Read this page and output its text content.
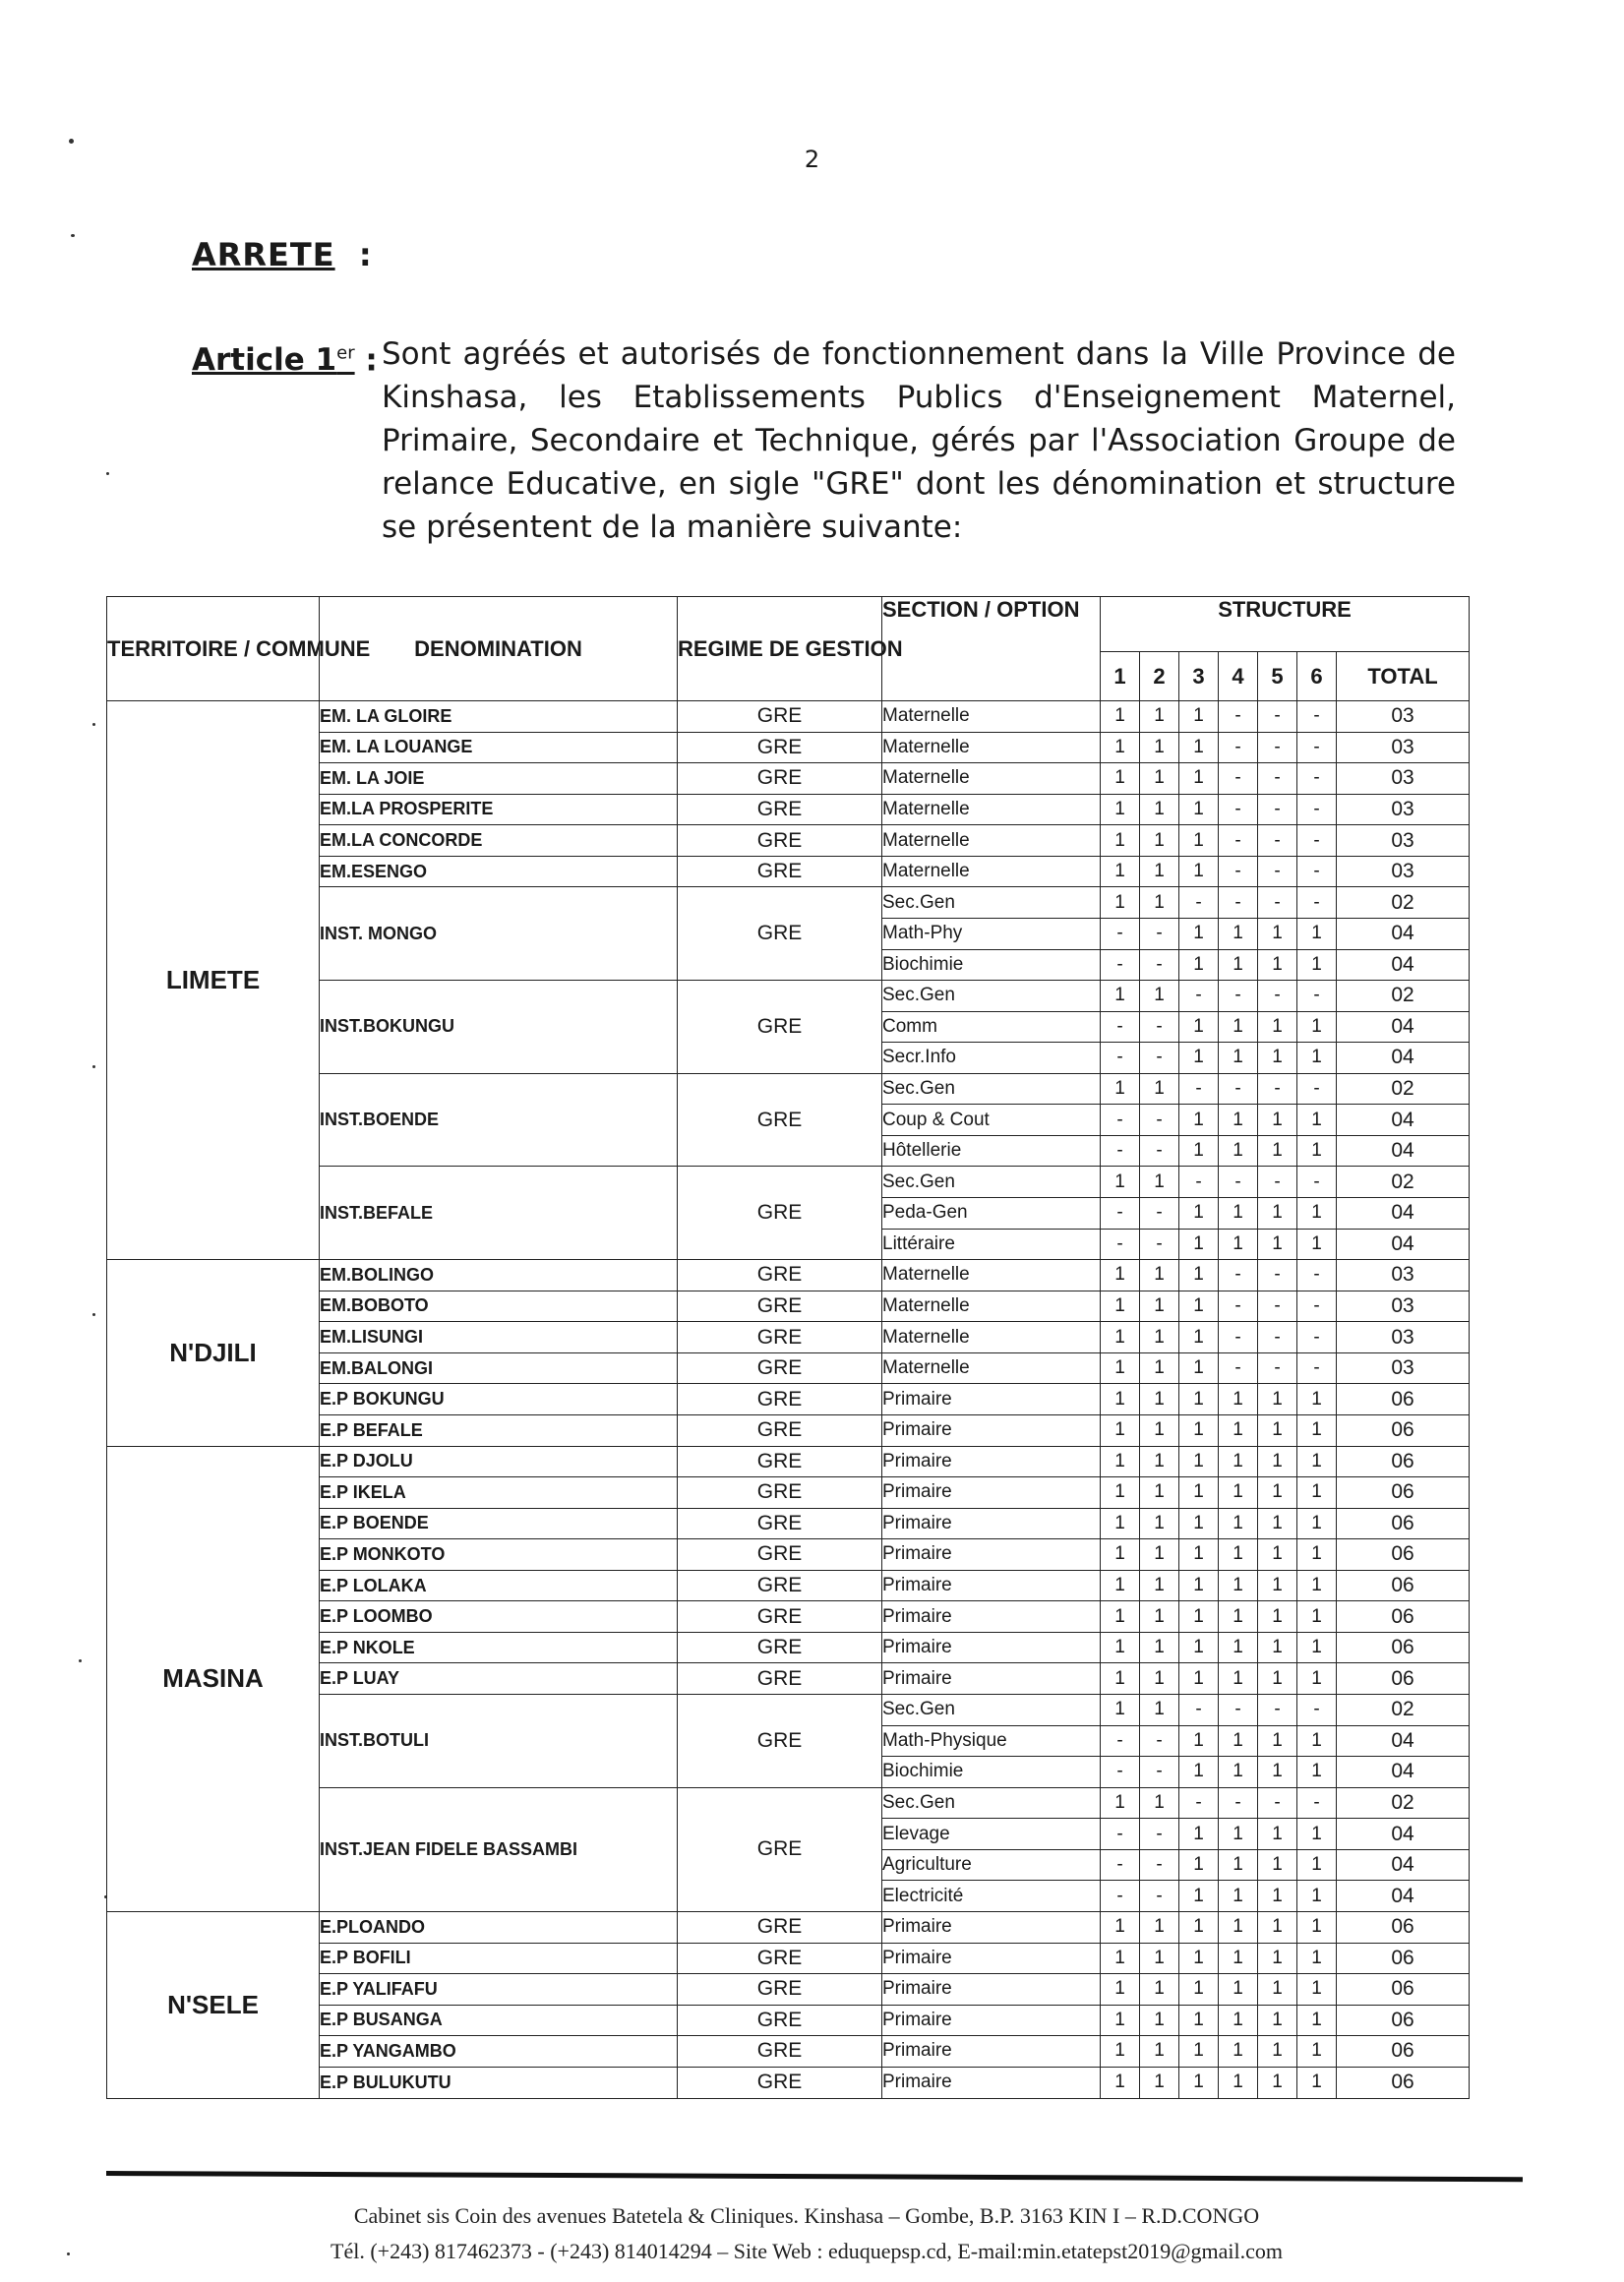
2
ARRETE :
Article 1er : Sont agréés et autorisés de fonctionnement dans la Ville Province de Kinshasa, les Etablissements Publics d'Enseignement Maternel, Primaire, Secondaire et Technique, gérés par l'Association Groupe de relance Educative, en sigle "GRE" dont les dénomination et structure se présentent de la manière suivante:
TERRITOIRE / COMMUNE	DENOMINATION	REGIME DE GESTION	SECTION / OPTION	STRUCTURE						
				1	2	3	4	5	6	TOTAL
LIMETE	EM. LA GLOIRE	GRE	Maternelle	1	1	1	-	-	-	03
	EM. LA LOUANGE	GRE	Maternelle	1	1	1	-	-	-	03
	EM. LA JOIE	GRE	Maternelle	1	1	1	-	-	-	03
	EM.LA PROSPERITE	GRE	Maternelle	1	1	1	-	-	-	03
	EM.LA CONCORDE	GRE	Maternelle	1	1	1	-	-	-	03
	EM.ESENGO	GRE	Maternelle	1	1	1	-	-	-	03
	INST. MONGO	GRE	Sec.Gen	1	1	-	-	-	-	02
			Math-Phy	-	-	1	1	1	1	04
			Biochimie	-	-	1	1	1	1	04
	INST.BOKUNGU	GRE	Sec.Gen	1	1	-	-	-	-	02
			Comm	-	-	1	1	1	1	04
			Secr.Info	-	-	1	1	1	1	04
	INST.BOENDE	GRE	Sec.Gen	1	1	-	-	-	-	02
			Coup & Cout	-	-	1	1	1	1	04
			Hôtellerie	-	-	1	1	1	1	04
	INST.BEFALE	GRE	Sec.Gen	1	1	-	-	-	-	02
			Peda-Gen	-	-	1	1	1	1	04
			Littéraire	-	-	1	1	1	1	04
N'DJILI	EM.BOLINGO	GRE	Maternelle	1	1	1	-	-	-	03
	EM.BOBOTO	GRE	Maternelle	1	1	1	-	-	-	03
	EM.LISUNGI	GRE	Maternelle	1	1	1	-	-	-	03
	EM.BALONGI	GRE	Maternelle	1	1	1	-	-	-	03
	E.P BOKUNGU	GRE	Primaire	1	1	1	1	1	1	06
	E.P BEFALE	GRE	Primaire	1	1	1	1	1	1	06
MASINA	E.P DJOLU	GRE	Primaire	1	1	1	1	1	1	06
	E.P IKELA	GRE	Primaire	1	1	1	1	1	1	06
	E.P BOENDE	GRE	Primaire	1	1	1	1	1	1	06
	E.P MONKOTO	GRE	Primaire	1	1	1	1	1	1	06
	E.P LOLAKA	GRE	Primaire	1	1	1	1	1	1	06
	E.P LOOMBO	GRE	Primaire	1	1	1	1	1	1	06
	E.P NKOLE	GRE	Primaire	1	1	1	1	1	1	06
	E.P LUAY	GRE	Primaire	1	1	1	1	1	1	06
	INST.BOTULI	GRE	Sec.Gen	1	1	-	-	-	-	02
			Math-Physique	-	-	1	1	1	1	04
			Biochimie	-	-	1	1	1	1	04
	INST.JEAN FIDELE BASSAMBI	GRE	Sec.Gen	1	1	-	-	-	-	02
			Elevage	-	-	1	1	1	1	04
			Agriculture	-	-	1	1	1	1	04
			Electricité	-	-	1	1	1	1	04
N'SELE	E.PLOANDO	GRE	Primaire	1	1	1	1	1	1	06
	E.P BOFILI	GRE	Primaire	1	1	1	1	1	1	06
	E.P YALIFAFU	GRE	Primaire	1	1	1	1	1	1	06
	E.P BUSANGA	GRE	Primaire	1	1	1	1	1	1	06
	E.P YANGAMBO	GRE	Primaire	1	1	1	1	1	1	06
	E.P BULUKUTU	GRE	Primaire	1	1	1	1	1	1	06
Cabinet sis Coin des avenues Batetela & Cliniques. Kinshasa – Gombe, B.P. 3163 KIN I – R.D.CONGO
Tél. (+243) 817462373 - (+243) 814014294 – Site Web : eduquepsp.cd, E-mail:min.etatepst2019@gmail.com
